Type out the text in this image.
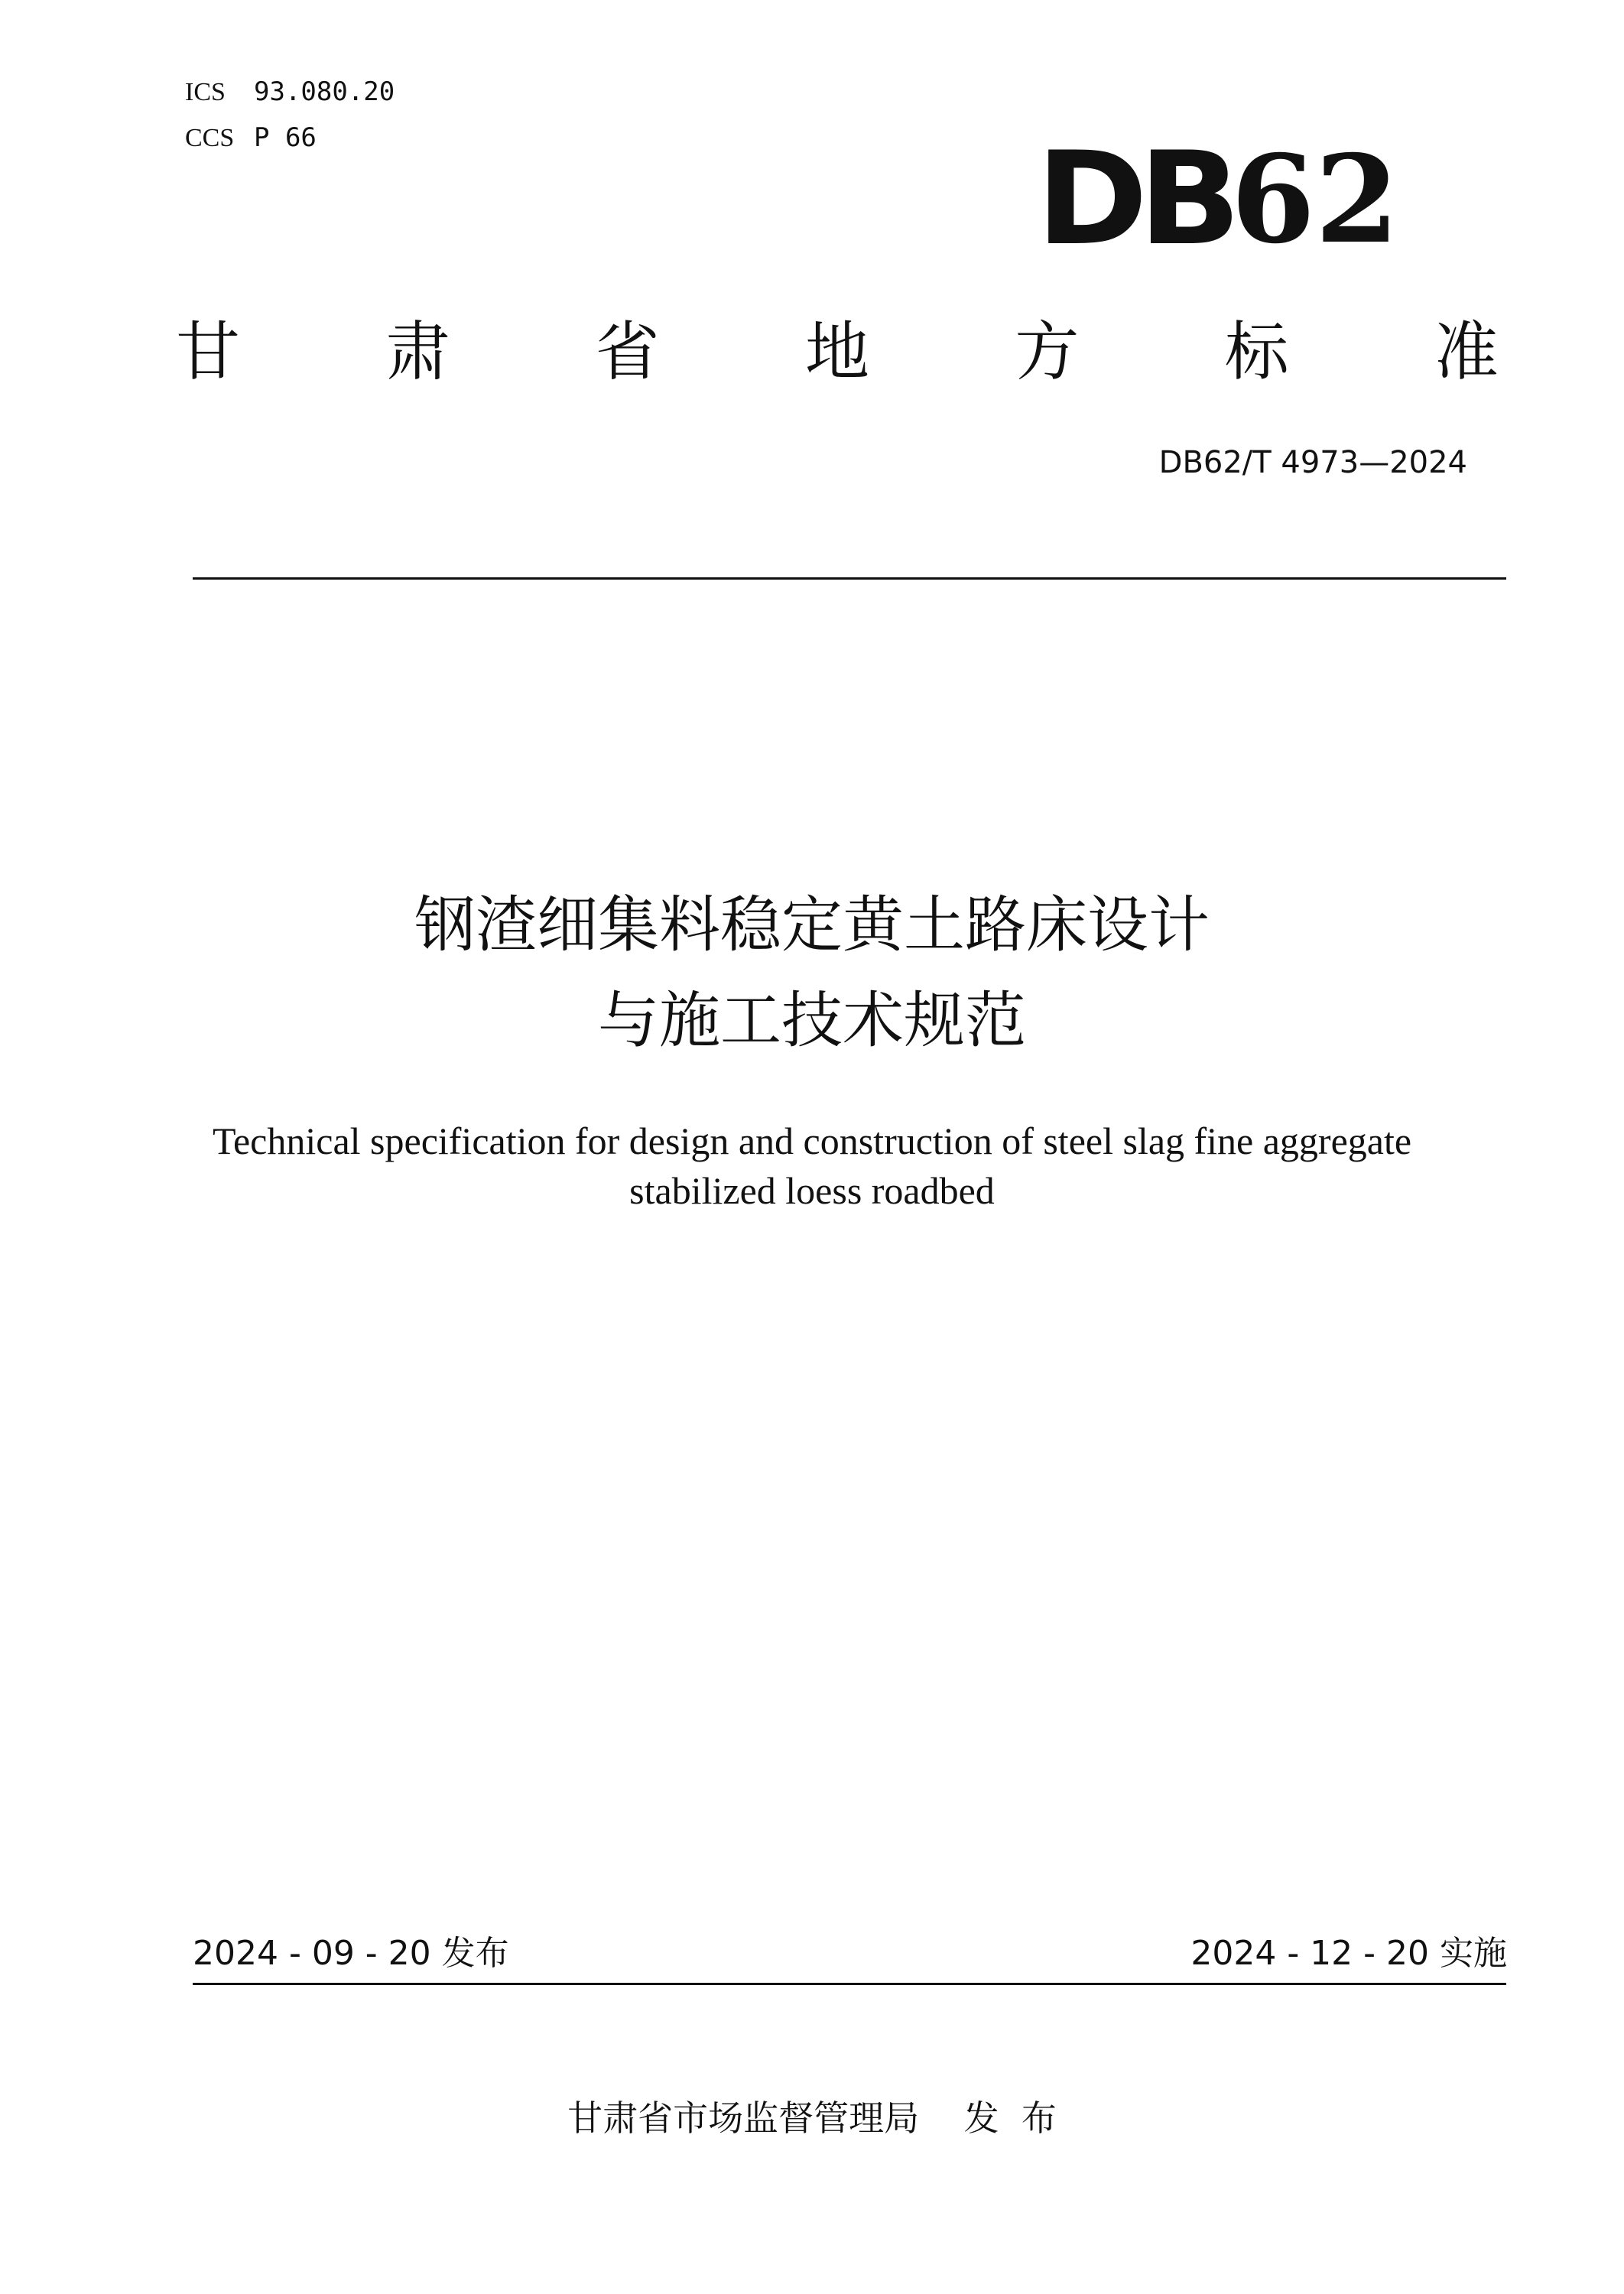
ICS 93.080.20
CCS P 66	DB 62
甘 肃 省 地 方 标 准
DB62/T 4973—2024
钢渣细集料稳定黄土路床设计
与施工技术规范
Technical specification for design and construction of steel slag fine aggregate
stabilized loess roadbed
2024 - 09 - 20 发布	2024 - 12 - 20 实施
甘肃省市场监督管理局    发  布
